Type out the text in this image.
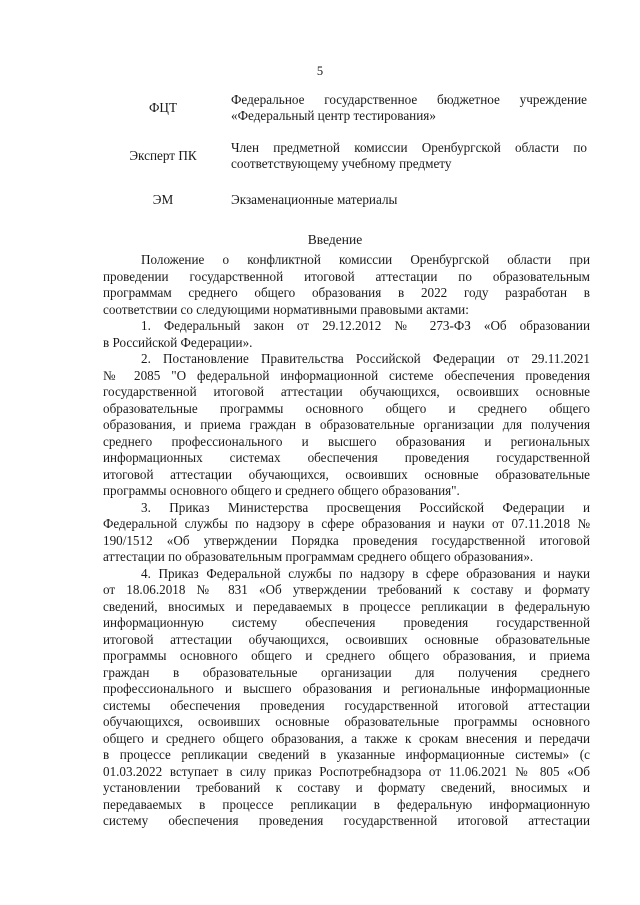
5
ФЦТ
Федеральное государственное бюджетное учреждение
«Федеральный центр тестирования»
Эксперт ПК
Член предметной комиссии Оренбургской области по
соответствующему учебному предмету
ЭМ	Экзаменационные материалы
Введение

Положение о конфликтной комиссии Оренбургской области при
проведении государственной итоговой аттестации по образовательным
программам среднего общего образования в 2022 году разработан в
соответствии со следующими нормативными правовыми актами:

1. Федеральный закон от 29.12.2012 № 273-ФЗ «Об образовании
в Российской Федерации».

2. Постановление Правительства Российской Федерации от 29.11.2021
№ 2085 "О федеральной информационной системе обеспечения проведения
государственной итоговой аттестации обучающихся, освоивших основные
образовательные программы основного общего и среднего общего
образования, и приема граждан в образовательные организации для получения
среднего профессионального и высшего образования и региональных
информационных системах обеспечения проведения государственной
итоговой аттестации обучающихся, освоивших основные образовательные
программы основного общего и среднего общего образования".

3. Приказ Министерства просвещения Российской Федерации и
Федеральной службы по надзору в сфере образования и науки от 07.11.2018 №
190/1512 «Об утверждении Порядка проведения государственной итоговой
аттестации по образовательным программам среднего общего образования».

4. Приказ Федеральной службы по надзору в сфере образования и науки
от 18.06.2018 № 831 «Об утверждении требований к составу и формату
сведений, вносимых и передаваемых в процессе репликации в федеральную
информационную систему обеспечения проведения государственной
итоговой аттестации обучающихся, освоивших основные образовательные
программы основного общего и среднего общего образования, и приема
граждан в образовательные организации для получения среднего
профессионального и высшего образования и региональные информационные
системы обеспечения проведения государственной итоговой аттестации
обучающихся, освоивших основные образовательные программы основного
общего и среднего общего образования, а также к срокам внесения и передачи
в процессе репликации сведений в указанные информационные системы» (с
01.03.2022 вступает в силу приказ Роспотребнадзора от 11.06.2021 № 805 «Об
установлении требований к составу и формату сведений, вносимых и
передаваемых в процессе репликации в федеральную информационную
систему обеспечения проведения государственной итоговой аттестации
